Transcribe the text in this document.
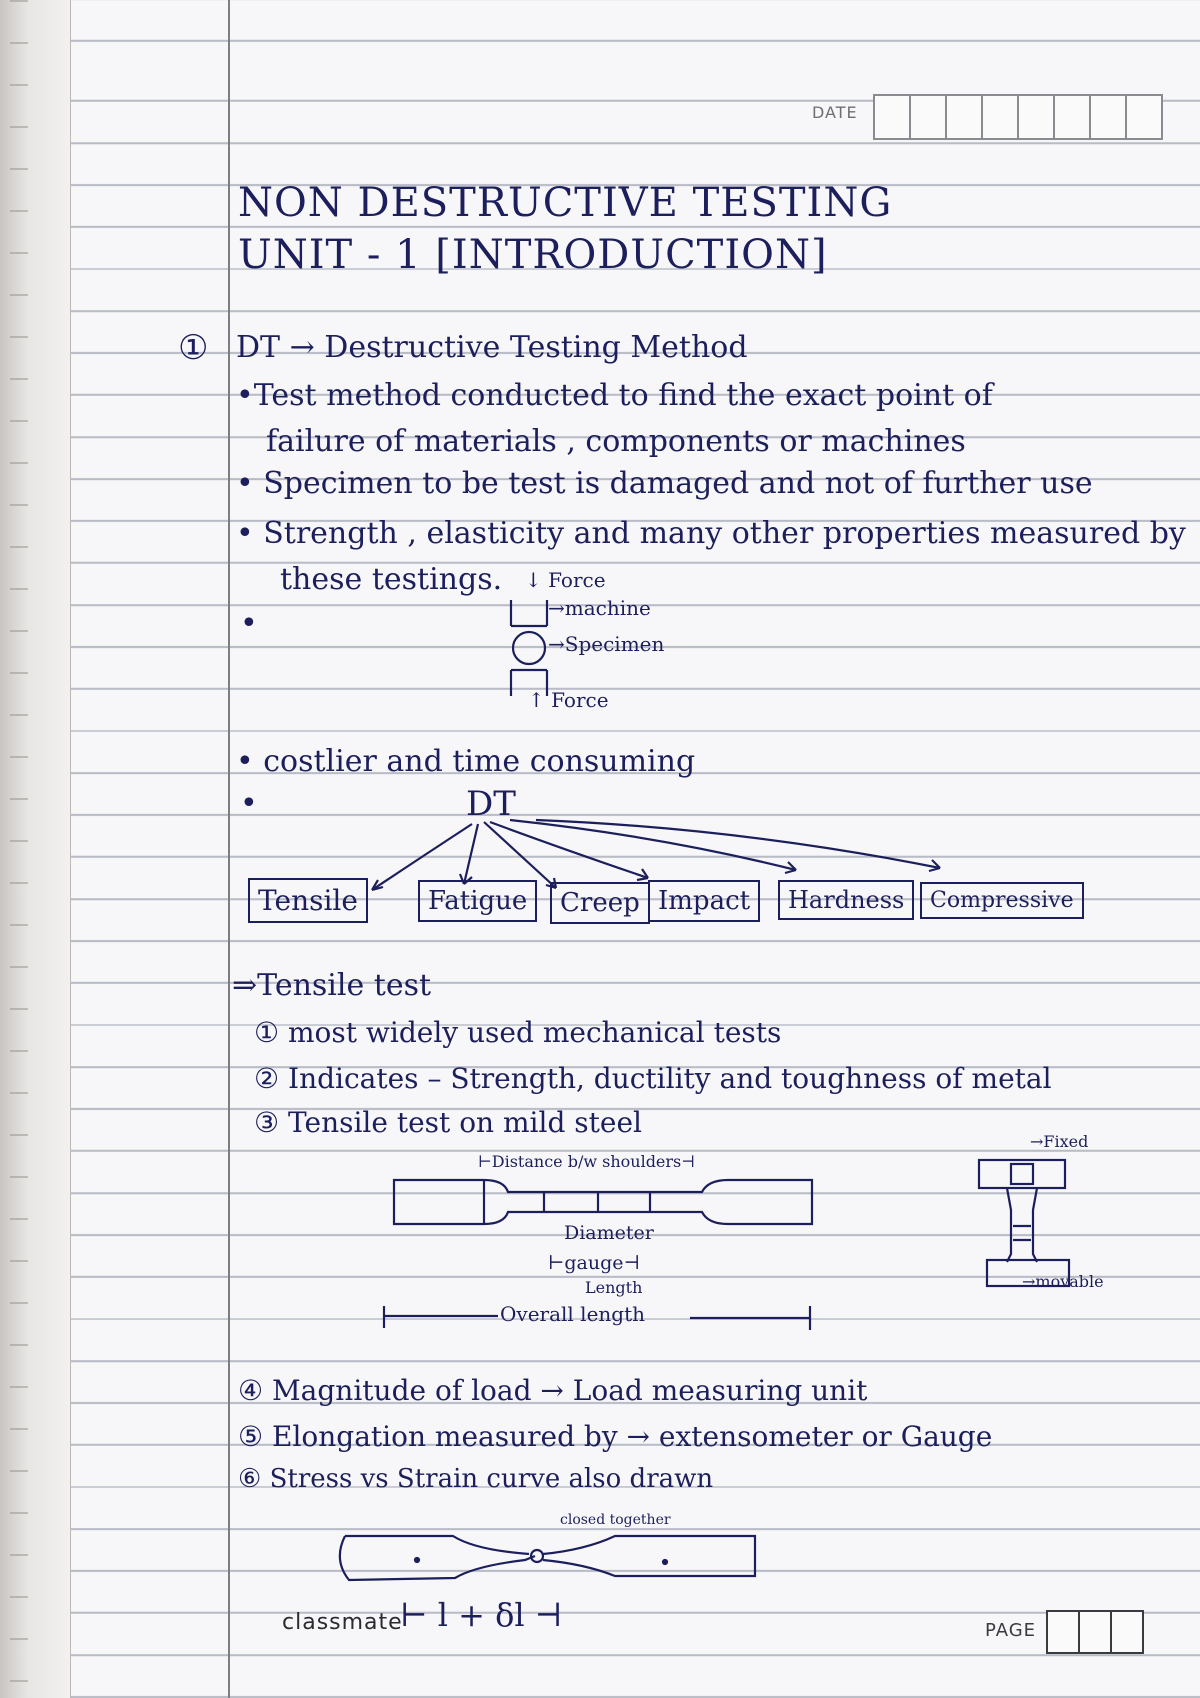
DATE
NON DESTRUCTIVE TESTING
UNIT - 1 [INTRODUCTION]
① DT → Destructive Testing Method
•Test method conducted to find the exact point of
failure of materials , components or machines
• Specimen to be test is damaged and not of further use
• Strength , elasticity and many other properties measured by
these testings.
•
↓ Force
→machine
→Specimen
↑ Force
• costlier and time consuming
•	DT
Tensile	Fatigue	Creep Impact	Hardness	Compressive
⇒Tensile test
① most widely used mechanical tests
② Indicates – Strength, ductility and toughness of metal
③ Tensile test on mild steel
⊢Distance b/w shoulders⊣
Diameter
⊢gauge⊣
Length
Overall length
→Fixed
→movable
④ Magnitude of load → Load measuring unit
⑤ Elongation measured by → extensometer or Gauge
⑥ Stress vs Strain curve also drawn
closed together
⊢ l + δl ⊣
classmate	PAGE
